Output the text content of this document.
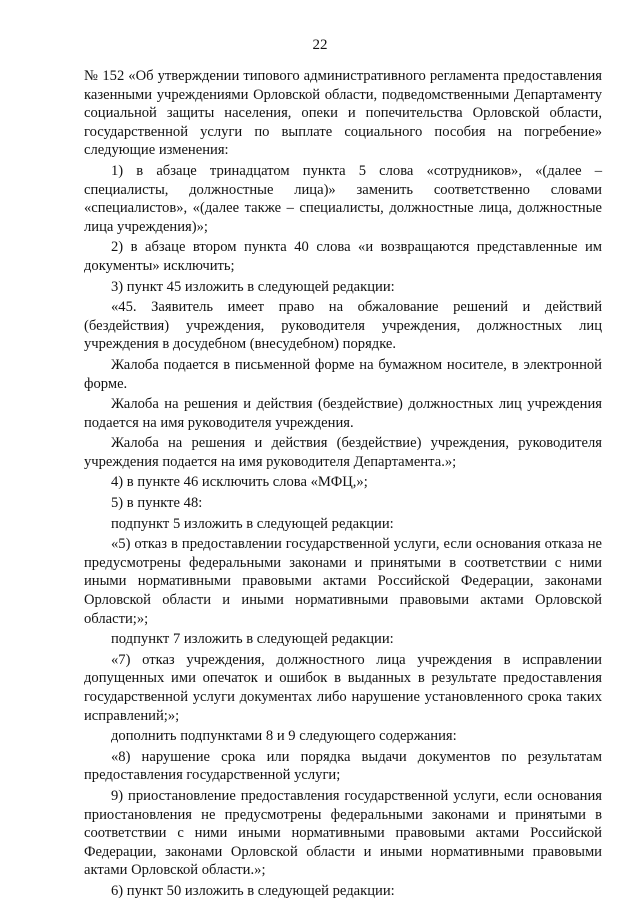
22

№ 152 «Об утверждении типового административного регламента предоставления казенными учреждениями Орловской области, подведомственными Департаменту социальной защиты населения, опеки и попечительства Орловской области, государственной услуги по выплате социального пособия на погребение» следующие изменения:

1) в абзаце тринадцатом пункта 5 слова «сотрудников», «(далее – специалисты, должностные лица)» заменить соответственно словами «специалистов», «(далее также – специалисты, должностные лица, должностные лица учреждения)»;

2) в абзаце втором пункта 40 слова «и возвращаются представленные им документы» исключить;

3) пункт 45 изложить в следующей редакции:

«45. Заявитель имеет право на обжалование решений и действий (бездействия) учреждения, руководителя учреждения, должностных лиц учреждения в досудебном (внесудебном) порядке.

Жалоба подается в письменной форме на бумажном носителе, в электронной форме.

Жалоба на решения и действия (бездействие) должностных лиц учреждения подается на имя руководителя учреждения.

Жалоба на решения и действия (бездействие) учреждения, руководителя учреждения подается на имя руководителя Департамента.»;

4) в пункте 46 исключить слова «МФЦ,»;

5) в пункте 48:

подпункт 5 изложить в следующей редакции:

«5) отказ в предоставлении государственной услуги, если основания отказа не предусмотрены федеральными законами и принятыми в соответствии с ними иными нормативными правовыми актами Российской Федерации, законами Орловской области и иными нормативными правовыми актами Орловской области;»;

подпункт 7 изложить в следующей редакции:

«7) отказ учреждения, должностного лица учреждения в исправлении допущенных ими опечаток и ошибок в выданных в результате предоставления государственной услуги документах либо нарушение установленного срока таких исправлений;»;

дополнить подпунктами 8 и 9 следующего содержания:

«8) нарушение срока или порядка выдачи документов по результатам предоставления государственной услуги;

9) приостановление предоставления государственной услуги, если основания приостановления не предусмотрены федеральными законами и принятыми в соответствии с ними иными нормативными правовыми актами Российской Федерации, законами Орловской области и иными нормативными правовыми актами Орловской области.»;

6) пункт 50 изложить в следующей редакции:
